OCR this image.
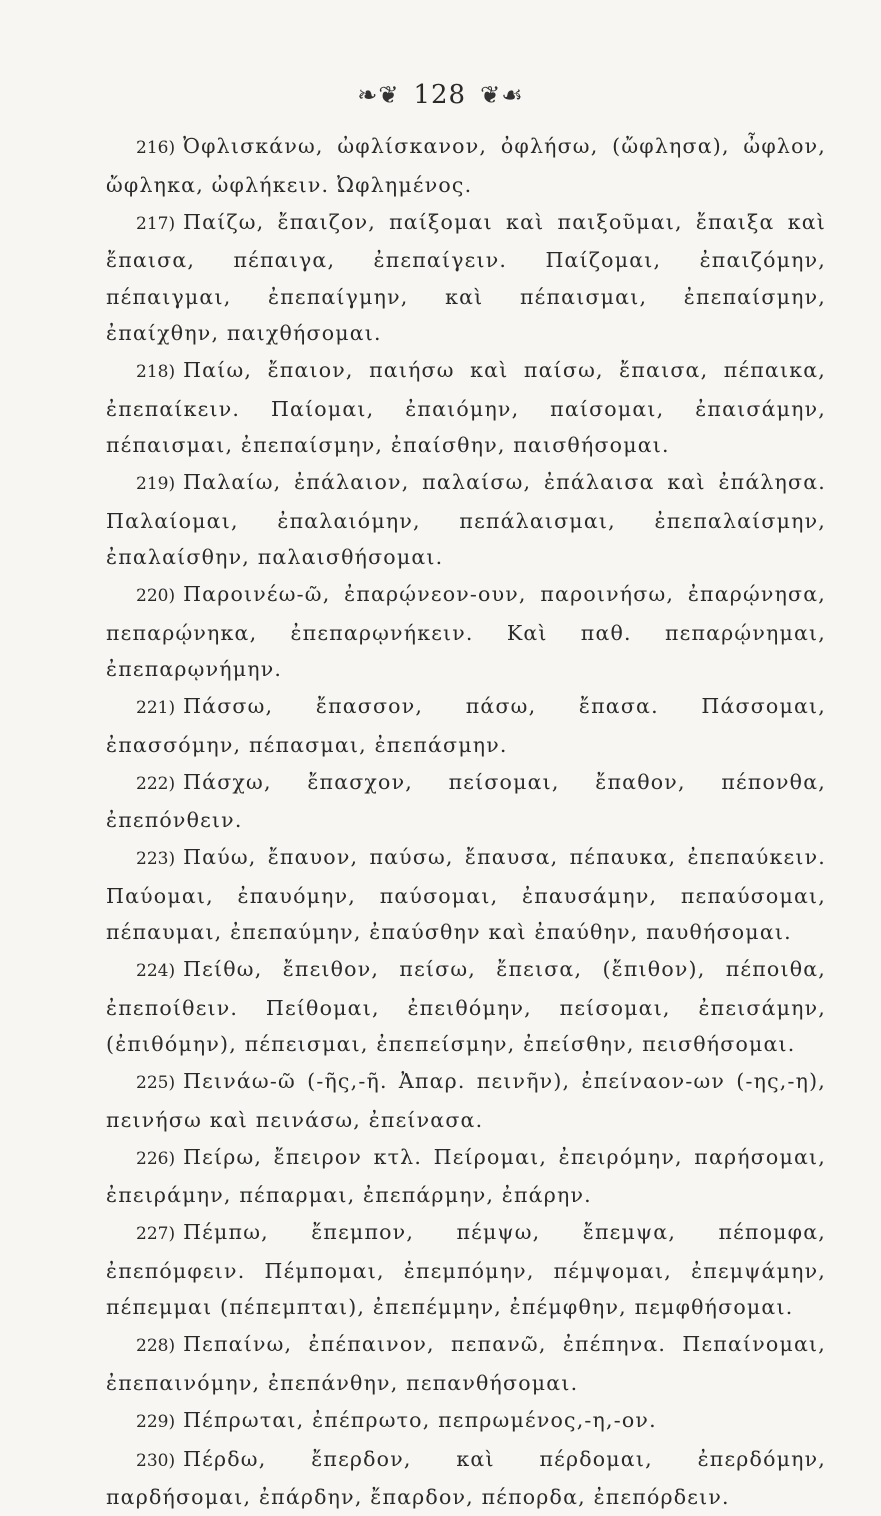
❧❦ 128 ❦☙

216) Ὀφλισκάνω, ὠφλίσκανον, ὀφλήσω, (ὤφλησα), ὦφλον, ὤφληκα, ὠφλήκειν. Ὠφλημένος.

217) Παίζω, ἔπαιζον, παίξομαι καὶ παιξοῦμαι, ἔπαιξα καὶ ἔπαισα, πέπαιγα, ἐπεπαίγειν. Παίζομαι, ἐπαιζόμην, πέπαιγμαι, ἐπεπαίγμην, καὶ πέπαισμαι, ἐπεπαίσμην, ἐπαίχθην, παιχθήσομαι.

218) Παίω, ἔπαιον, παιήσω καὶ παίσω, ἔπαισα, πέπαικα, ἐπεπαίκειν. Παίομαι, ἐπαιόμην, παίσομαι, ἐπαισάμην, πέπαισμαι, ἐπεπαίσμην, ἐπαίσθην, παισθήσομαι.

219) Παλαίω, ἐπάλαιον, παλαίσω, ἐπάλαισα καὶ ἐπάλησα. Παλαίομαι, ἐπαλαιόμην, πεπάλαισμαι, ἐπεπαλαίσμην, ἐπαλαίσθην, παλαισθήσομαι.

220) Παροινέω-ῶ, ἐπαρῴνεον-ουν, παροινήσω, ἐπαρῴνησα, πεπαρῴνηκα, ἐπεπαρῳνήκειν. Καὶ παθ. πεπαρῴνημαι, ἐπεπαρῳνήμην.

221) Πάσσω, ἔπασσον, πάσω, ἔπασα. Πάσσομαι, ἐπασσόμην, πέπασμαι, ἐπεπάσμην.

222) Πάσχω, ἔπασχον, πείσομαι, ἔπαθον, πέπονθα, ἐπεπόνθειν.

223) Παύω, ἔπαυον, παύσω, ἔπαυσα, πέπαυκα, ἐπεπαύκειν. Παύομαι, ἐπαυόμην, παύσομαι, ἐπαυσάμην, πεπαύσομαι, πέπαυμαι, ἐπεπαύμην, ἐπαύσθην καὶ ἐπαύθην, παυθήσομαι.

224) Πείθω, ἔπειθον, πείσω, ἔπεισα, (ἔπιθον), πέποιθα, ἐπεποίθειν. Πείθομαι, ἐπειθόμην, πείσομαι, ἐπεισάμην, (ἐπιθόμην), πέπεισμαι, ἐπεπείσμην, ἐπείσθην, πεισθήσομαι.

225) Πεινάω-ῶ (-ῆς,-ῆ. Ἀπαρ. πεινῆν), ἐπείναον-ων (-ης,-η), πεινήσω καὶ πεινάσω, ἐπείνασα.

226) Πείρω, ἔπειρον κτλ. Πείρομαι, ἐπειρόμην, παρήσομαι, ἐπειράμην, πέπαρμαι, ἐπεπάρμην, ἐπάρην.

227) Πέμπω, ἔπεμπον, πέμψω, ἔπεμψα, πέπομφα, ἐπεπόμφειν. Πέμπομαι, ἐπεμπόμην, πέμψομαι, ἐπεμψάμην, πέπεμμαι (πέπεμπται), ἐπεπέμμην, ἐπέμφθην, πεμφθήσομαι.

228) Πεπαίνω, ἐπέπαινον, πεπανῶ, ἐπέπηνα. Πεπαίνομαι, ἐπεπαινόμην, ἐπεπάνθην, πεπανθήσομαι.

229) Πέπρωται, ἐπέπρωτο, πεπρωμένος,-η,-ον.

230) Πέρδω, ἔπερδον, καὶ πέρδομαι, ἐπερδόμην, παρδήσομαι, ἐπάρδην, ἔπαρδον, πέπορδα, ἐπεπόρδειν.
